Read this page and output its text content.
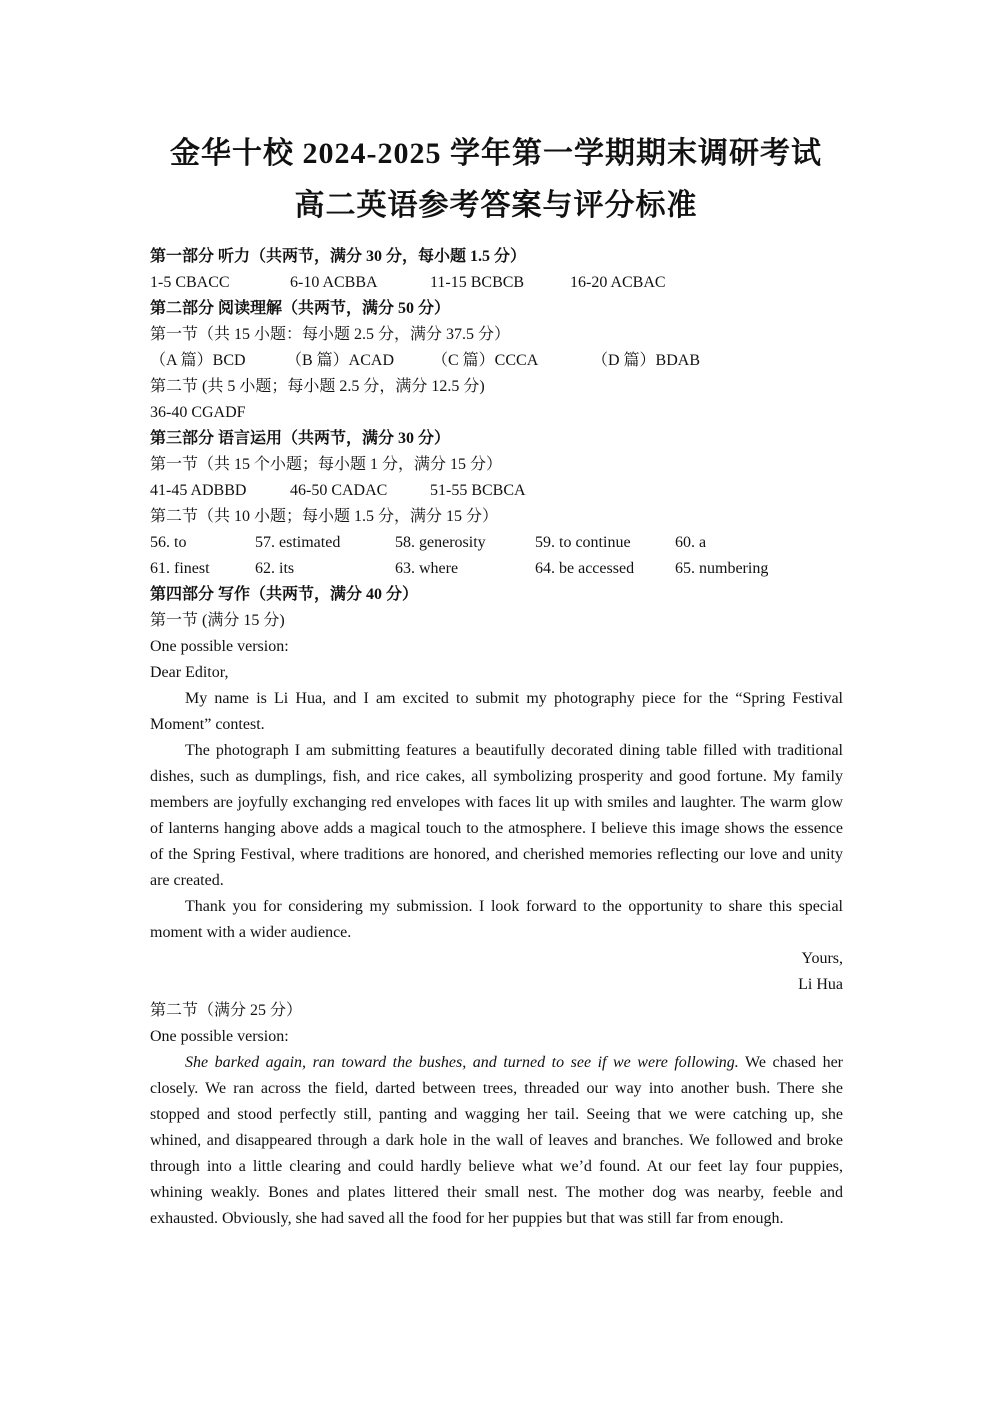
金华十校 2024-2025 学年第一学期期末调研考试
高二英语参考答案与评分标准
第一部分 听力（共两节，满分 30 分，每小题 1.5 分）
1-5 CBACC	6-10 ACBBA	11-15 BCBCB	16-20 ACBAC
第二部分 阅读理解（共两节，满分 50 分）
第一节（共 15 小题：每小题 2.5 分，满分 37.5 分）
（A 篇）BCD	（B 篇）ACAD	（C 篇）CCCA	（D 篇）BDAB
第二节 (共 5 小题；每小题 2.5 分，满分 12.5 分)
36-40 CGADF
第三部分 语言运用（共两节，满分 30 分）
第一节（共 15 个小题；每小题 1 分，满分 15 分）
41-45 ADBBD	46-50 CADAC	51-55 BCBCA
第二节（共 10 小题；每小题 1.5 分，满分 15 分）
56. to	57. estimated	58. generosity	59. to continue	60. a
61. finest	62. its	63. where	64. be accessed	65. numbering
第四部分 写作（共两节，满分 40 分）
第一节 (满分 15 分)
One possible version:
Dear Editor,

My name is Li Hua, and I am excited to submit my photography piece for the “Spring Festival Moment” contest.

The photograph I am submitting features a beautifully decorated dining table filled with traditional dishes, such as dumplings, fish, and rice cakes, all symbolizing prosperity and good fortune. My family members are joyfully exchanging red envelopes with faces lit up with smiles and laughter. The warm glow of lanterns hanging above adds a magical touch to the atmosphere. I believe this image shows the essence of the Spring Festival, where traditions are honored, and cherished memories reflecting our love and unity are created.

Thank you for considering my submission. I look forward to the opportunity to share this special moment with a wider audience.

Yours,
Li Hua
第二节（满分 25 分）
One possible version:

She barked again, ran toward the bushes, and turned to see if we were following. We chased her closely. We ran across the field, darted between trees, threaded our way into another bush. There she stopped and stood perfectly still, panting and wagging her tail. Seeing that we were catching up, she whined, and disappeared through a dark hole in the wall of leaves and branches. We followed and broke through into a little clearing and could hardly believe what we’d found. At our feet lay four puppies, whining weakly. Bones and plates littered their small nest. The mother dog was nearby, feeble and exhausted. Obviously, she had saved all the food for her puppies but that was still far from enough.
